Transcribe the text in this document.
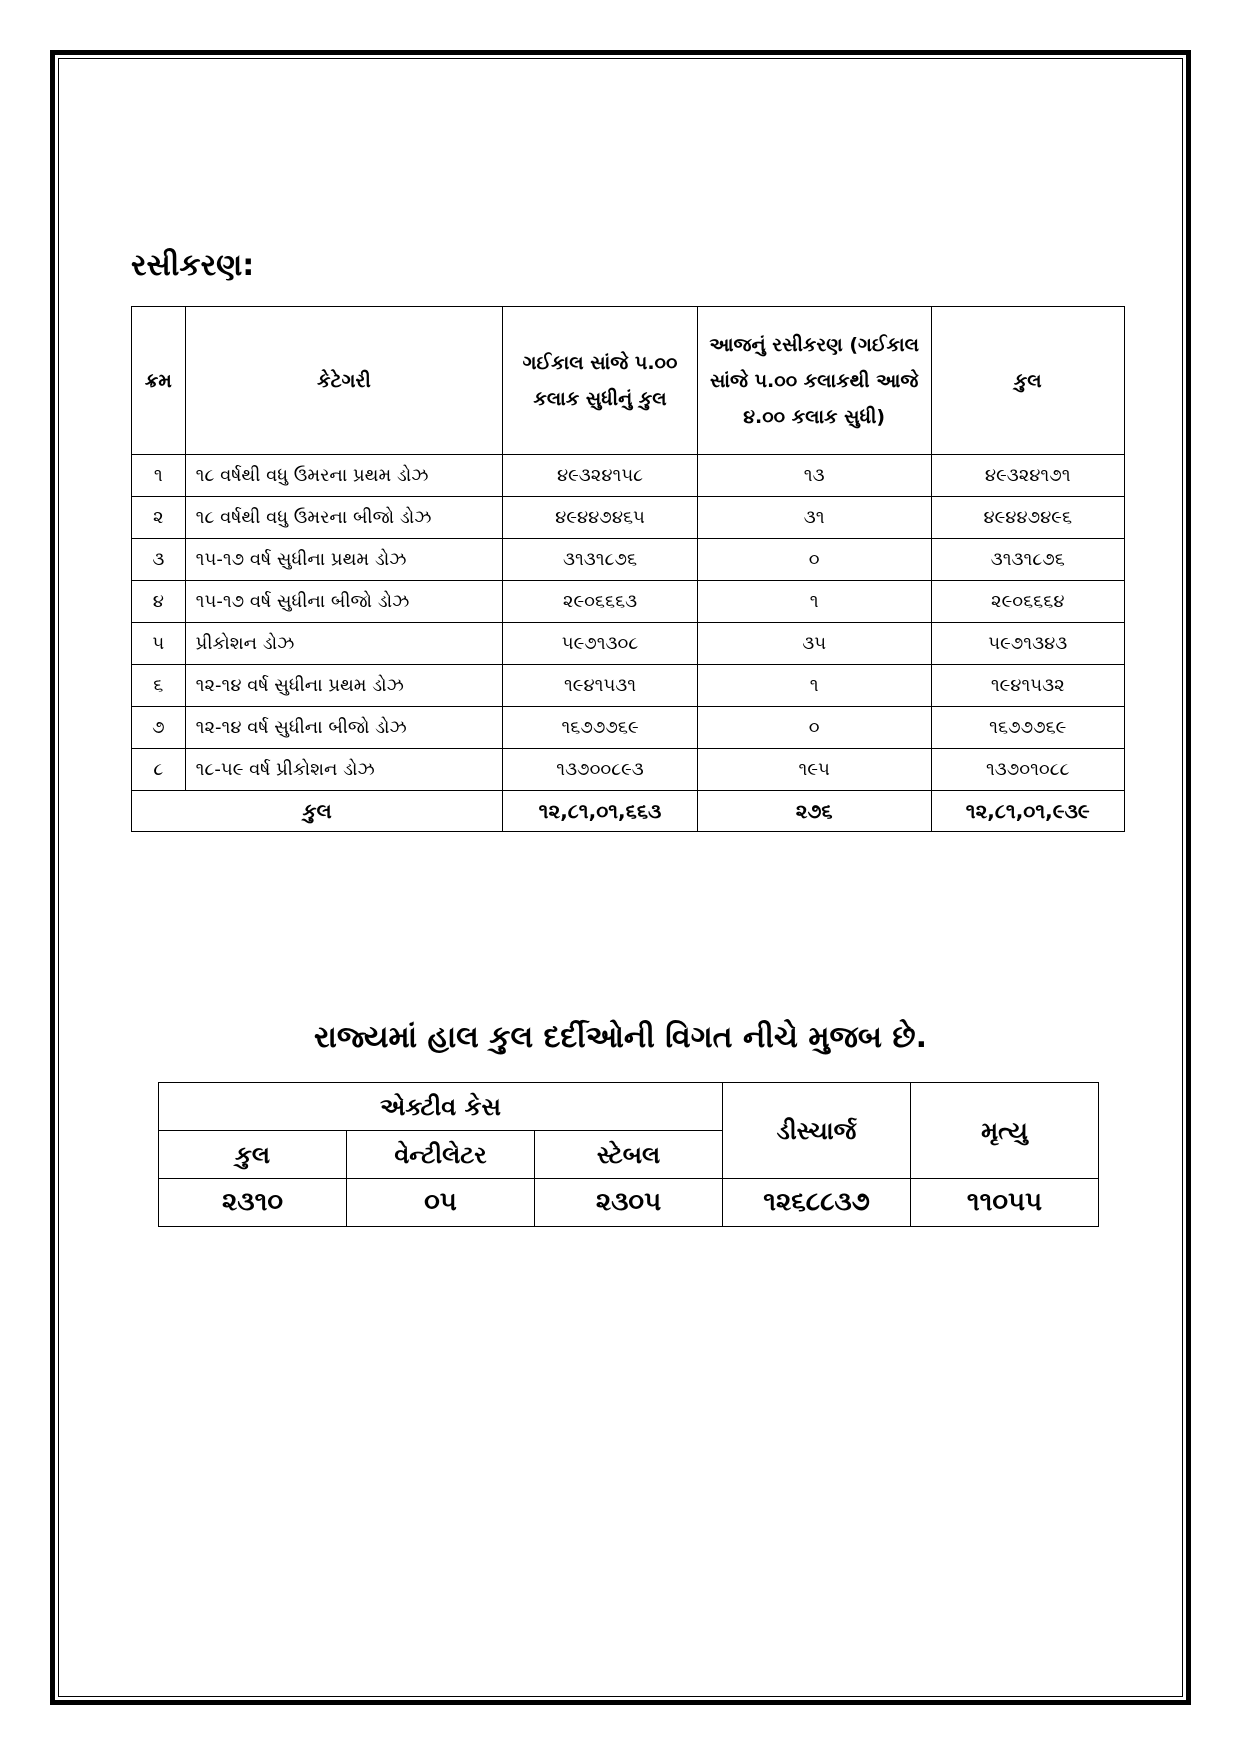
રસીકરણ:
ક્રમ	કેટેગરી	ગઈકાલ સાંજે ૫.૦૦ કલાક સુધીનું કુલ	આજનું રસીકરણ (ગઈકાલ સાંજે ૫.૦૦ કલાકથી આજે ૪.૦૦ કલાક સુધી)	કુલ
૧	૧૮ વર્ષથી વધુ ઉમરના પ્રથમ ડોઝ	૪૯૩૨૪૧૫૮	૧૩	૪૯૩૨૪૧૭૧
૨	૧૮ વર્ષથી વધુ ઉમરના બીજો ડોઝ	૪૯૪૪૭૪૬૫	૩૧	૪૯૪૪૭૪૯૬
૩	૧૫-૧૭ વર્ષ સુધીના પ્રથમ ડોઝ	૩૧૩૧૮૭૬	૦	૩૧૩૧૮૭૬
૪	૧૫-૧૭ વર્ષ સુધીના બીજો ડોઝ	૨૯૦૬૬૬૩	૧	૨૯૦૬૬૬૪
૫	પ્રીકોશન ડોઝ	૫૯૭૧૩૦૮	૩૫	૫૯૭૧૩૪૩
૬	૧૨-૧૪ વર્ષ સુધીના પ્રથમ ડોઝ	૧૯૪૧૫૩૧	૧	૧૯૪૧૫૩૨
૭	૧૨-૧૪ વર્ષ સુધીના બીજો ડોઝ	૧૬૭૭૭૬૯	૦	૧૬૭૭૭૬૯
૮	૧૮-૫૯ વર્ષ પ્રીકોશન ડોઝ	૧૩૭૦૦૮૯૩	૧૯૫	૧૩૭૦૧૦૮૮
કુલ		૧૨,૮૧,૦૧,૬૬૩	૨૭૬	૧૨,૮૧,૦૧,૯૩૯
રાજ્યમાં હાલ કુલ દર્દીઓની વિગત નીચે મુજબ છે.
એક્ટીવ કેસ			ડીસ્ચાર્જ	મૃત્યુ
કુલ	વેન્ટીલેટર	સ્ટેબલ		
૨૩૧૦	૦૫	૨૩૦૫	૧૨૬૮૮૩૭	૧૧૦૫૫
